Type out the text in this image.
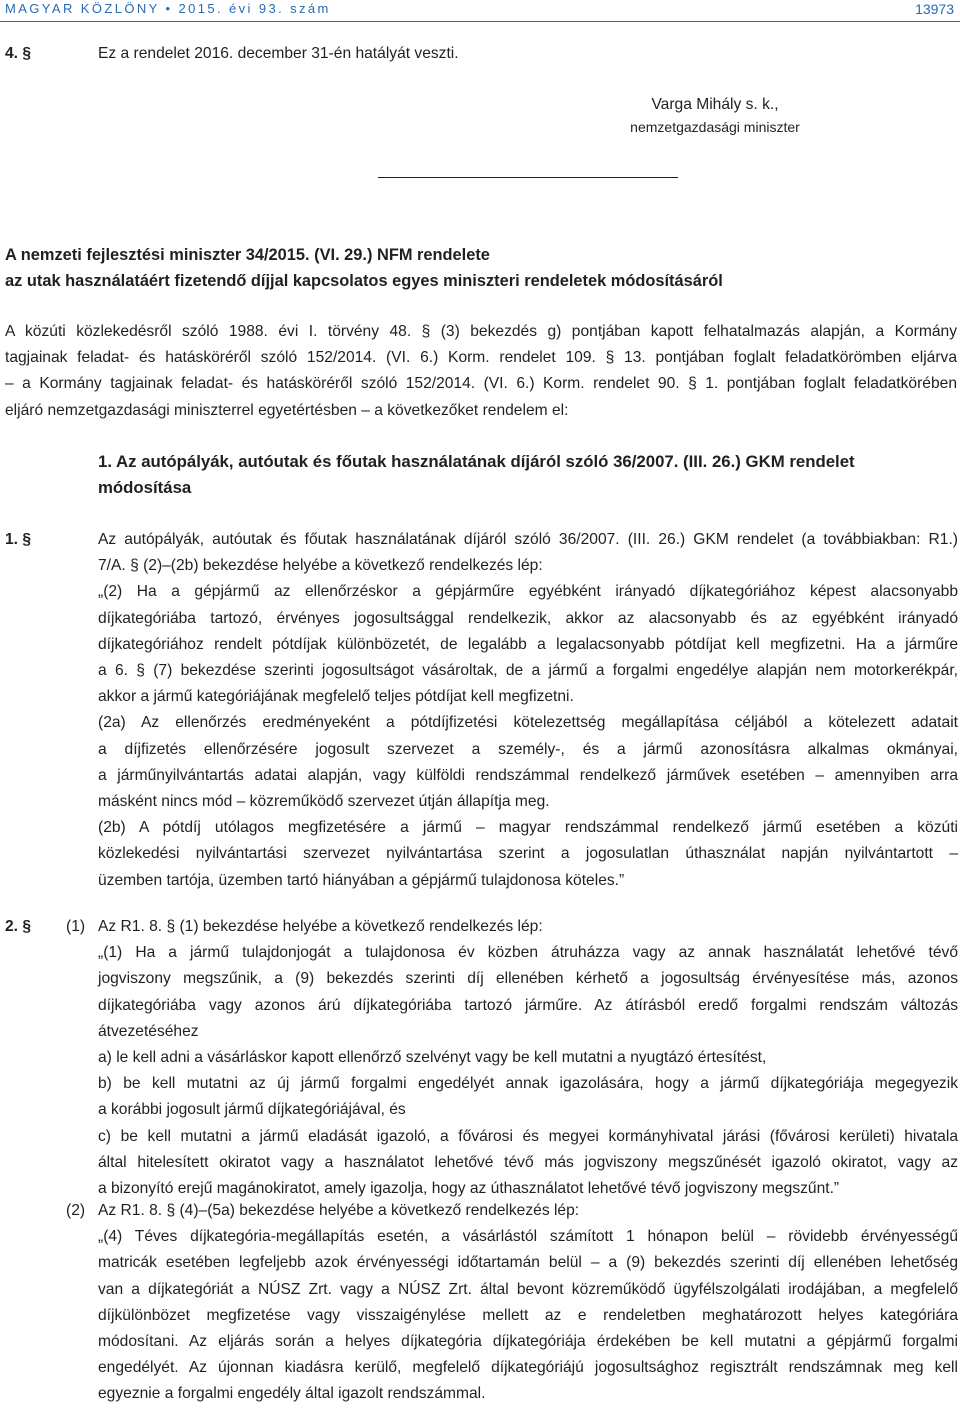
MAGYAR KÖZLÖNY • 2015. évi 93. szám	13973
4. §	Ez a rendelet 2016. december 31-én hatályát veszti.
Varga Mihály s. k.,
nemzetgazdasági miniszter
A nemzeti fejlesztési miniszter 34/2015. (VI. 29.) NFM rendelete
az utak használatáért fizetendő díjjal kapcsolatos egyes miniszteri rendeletek módosításáról
A közúti közlekedésről szóló 1988. évi I. törvény 48. § (3) bekezdés g) pontjában kapott felhatalmazás alapján, a Kormány
tagjainak feladat- és hatásköréről szóló 152/2014. (VI. 6.) Korm. rendelet 109. § 13. pontjában foglalt feladatkörömben eljárva
– a Kormány tagjainak feladat- és hatásköréről szóló 152/2014. (VI. 6.) Korm. rendelet 90. § 1. pontjában foglalt feladatkörében
eljáró nemzetgazdasági miniszterrel egyetértésben – a következőket rendelem el:
1. Az autópályák, autóutak és főutak használatának díjáról szóló 36/2007. (III. 26.) GKM rendelet
módosítása
1. §	Az autópályák, autóutak és főutak használatának díjáról szóló 36/2007. (III. 26.) GKM rendelet (a továbbiakban: R1.)
7/A. § (2)–(2b) bekezdése helyébe a következő rendelkezés lép:
„(2) Ha a gépjármű az ellenőrzéskor a gépjárműre egyébként irányadó díjkategóriához képest alacsonyabb
díjkategóriába tartozó, érvényes jogosultsággal rendelkezik, akkor az alacsonyabb és az egyébként irányadó
díjkategóriához rendelt pótdíjak különbözetét, de legalább a legalacsonyabb pótdíjat kell megfizetni. Ha a járműre
a 6. § (7) bekezdése szerinti jogosultságot vásároltak, de a jármű a forgalmi engedélye alapján nem motorkerékpár,
akkor a jármű kategóriájának megfelelő teljes pótdíjat kell megfizetni.
(2a) Az ellenőrzés eredményeként a pótdíjfizetési kötelezettség megállapítása céljából a kötelezett adatait
a díjfizetés ellenőrzésére jogosult szervezet a személy-, és a jármű azonosításra alkalmas okmányai,
a járműnyilvántartás adatai alapján, vagy külföldi rendszámmal rendelkező járművek esetében – amennyiben arra
másként nincs mód – közreműködő szervezet útján állapítja meg.
(2b) A pótdíj utólagos megfizetésére a jármű – magyar rendszámmal rendelkező jármű esetében a közúti
közlekedési nyilvántartási szervezet nyilvántartása szerint a jogosulatlan úthasználat napján nyilvántartott –
üzemben tartója, üzemben tartó hiányában a gépjármű tulajdonosa köteles.”
2. § (1) Az R1. 8. § (1) bekezdése helyébe a következő rendelkezés lép:
„(1) Ha a jármű tulajdonjogát a tulajdonosa év közben átruházza vagy az annak használatát lehetővé tévő
jogviszony megszűnik, a (9) bekezdés szerinti díj ellenében kérhető a jogosultság érvényesítése más, azonos
díjkategóriába vagy azonos árú díjkategóriába tartozó járműre. Az átírásból eredő forgalmi rendszám változás
átvezetéséhez
a) le kell adni a vásárláskor kapott ellenőrző szelvényt vagy be kell mutatni a nyugtázó értesítést,
b) be kell mutatni az új jármű forgalmi engedélyét annak igazolására, hogy a jármű díjkategóriája megegyezik
a korábbi jogosult jármű díjkategóriájával, és
c) be kell mutatni a jármű eladását igazoló, a fővárosi és megyei kormányhivatal járási (fővárosi kerületi) hivatala
által hitelesített okiratot vagy a használatot lehetővé tévő más jogviszony megszűnését igazoló okiratot, vagy az
a bizonyító erejű magánokiratot, amely igazolja, hogy az úthasználatot lehetővé tévő jogviszony megszűnt.”
(2) Az R1. 8. § (4)–(5a) bekezdése helyébe a következő rendelkezés lép:
„(4) Téves díjkategória-megállapítás esetén, a vásárlástól számított 1 hónapon belül – rövidebb érvényességű
matricák esetében legfeljebb azok érvényességi időtartamán belül – a (9) bekezdés szerinti díj ellenében lehetőség
van a díjkategóriát a NÚSZ Zrt. vagy a NÚSZ Zrt. által bevont közreműködő ügyfélszolgálati irodájában, a megfelelő
díjkülönbözet megfizetése vagy visszaigénylése mellett az e rendeletben meghatározott helyes kategóriára
módosítani. Az eljárás során a helyes díjkategória díjkategóriája érdekében be kell mutatni a gépjármű forgalmi
engedélyét. Az újonnan kiadásra kerülő, megfelelő díjkategóriájú jogosultsághoz regisztrált rendszámnak meg kell
egyeznie a forgalmi engedély által igazolt rendszámmal.
